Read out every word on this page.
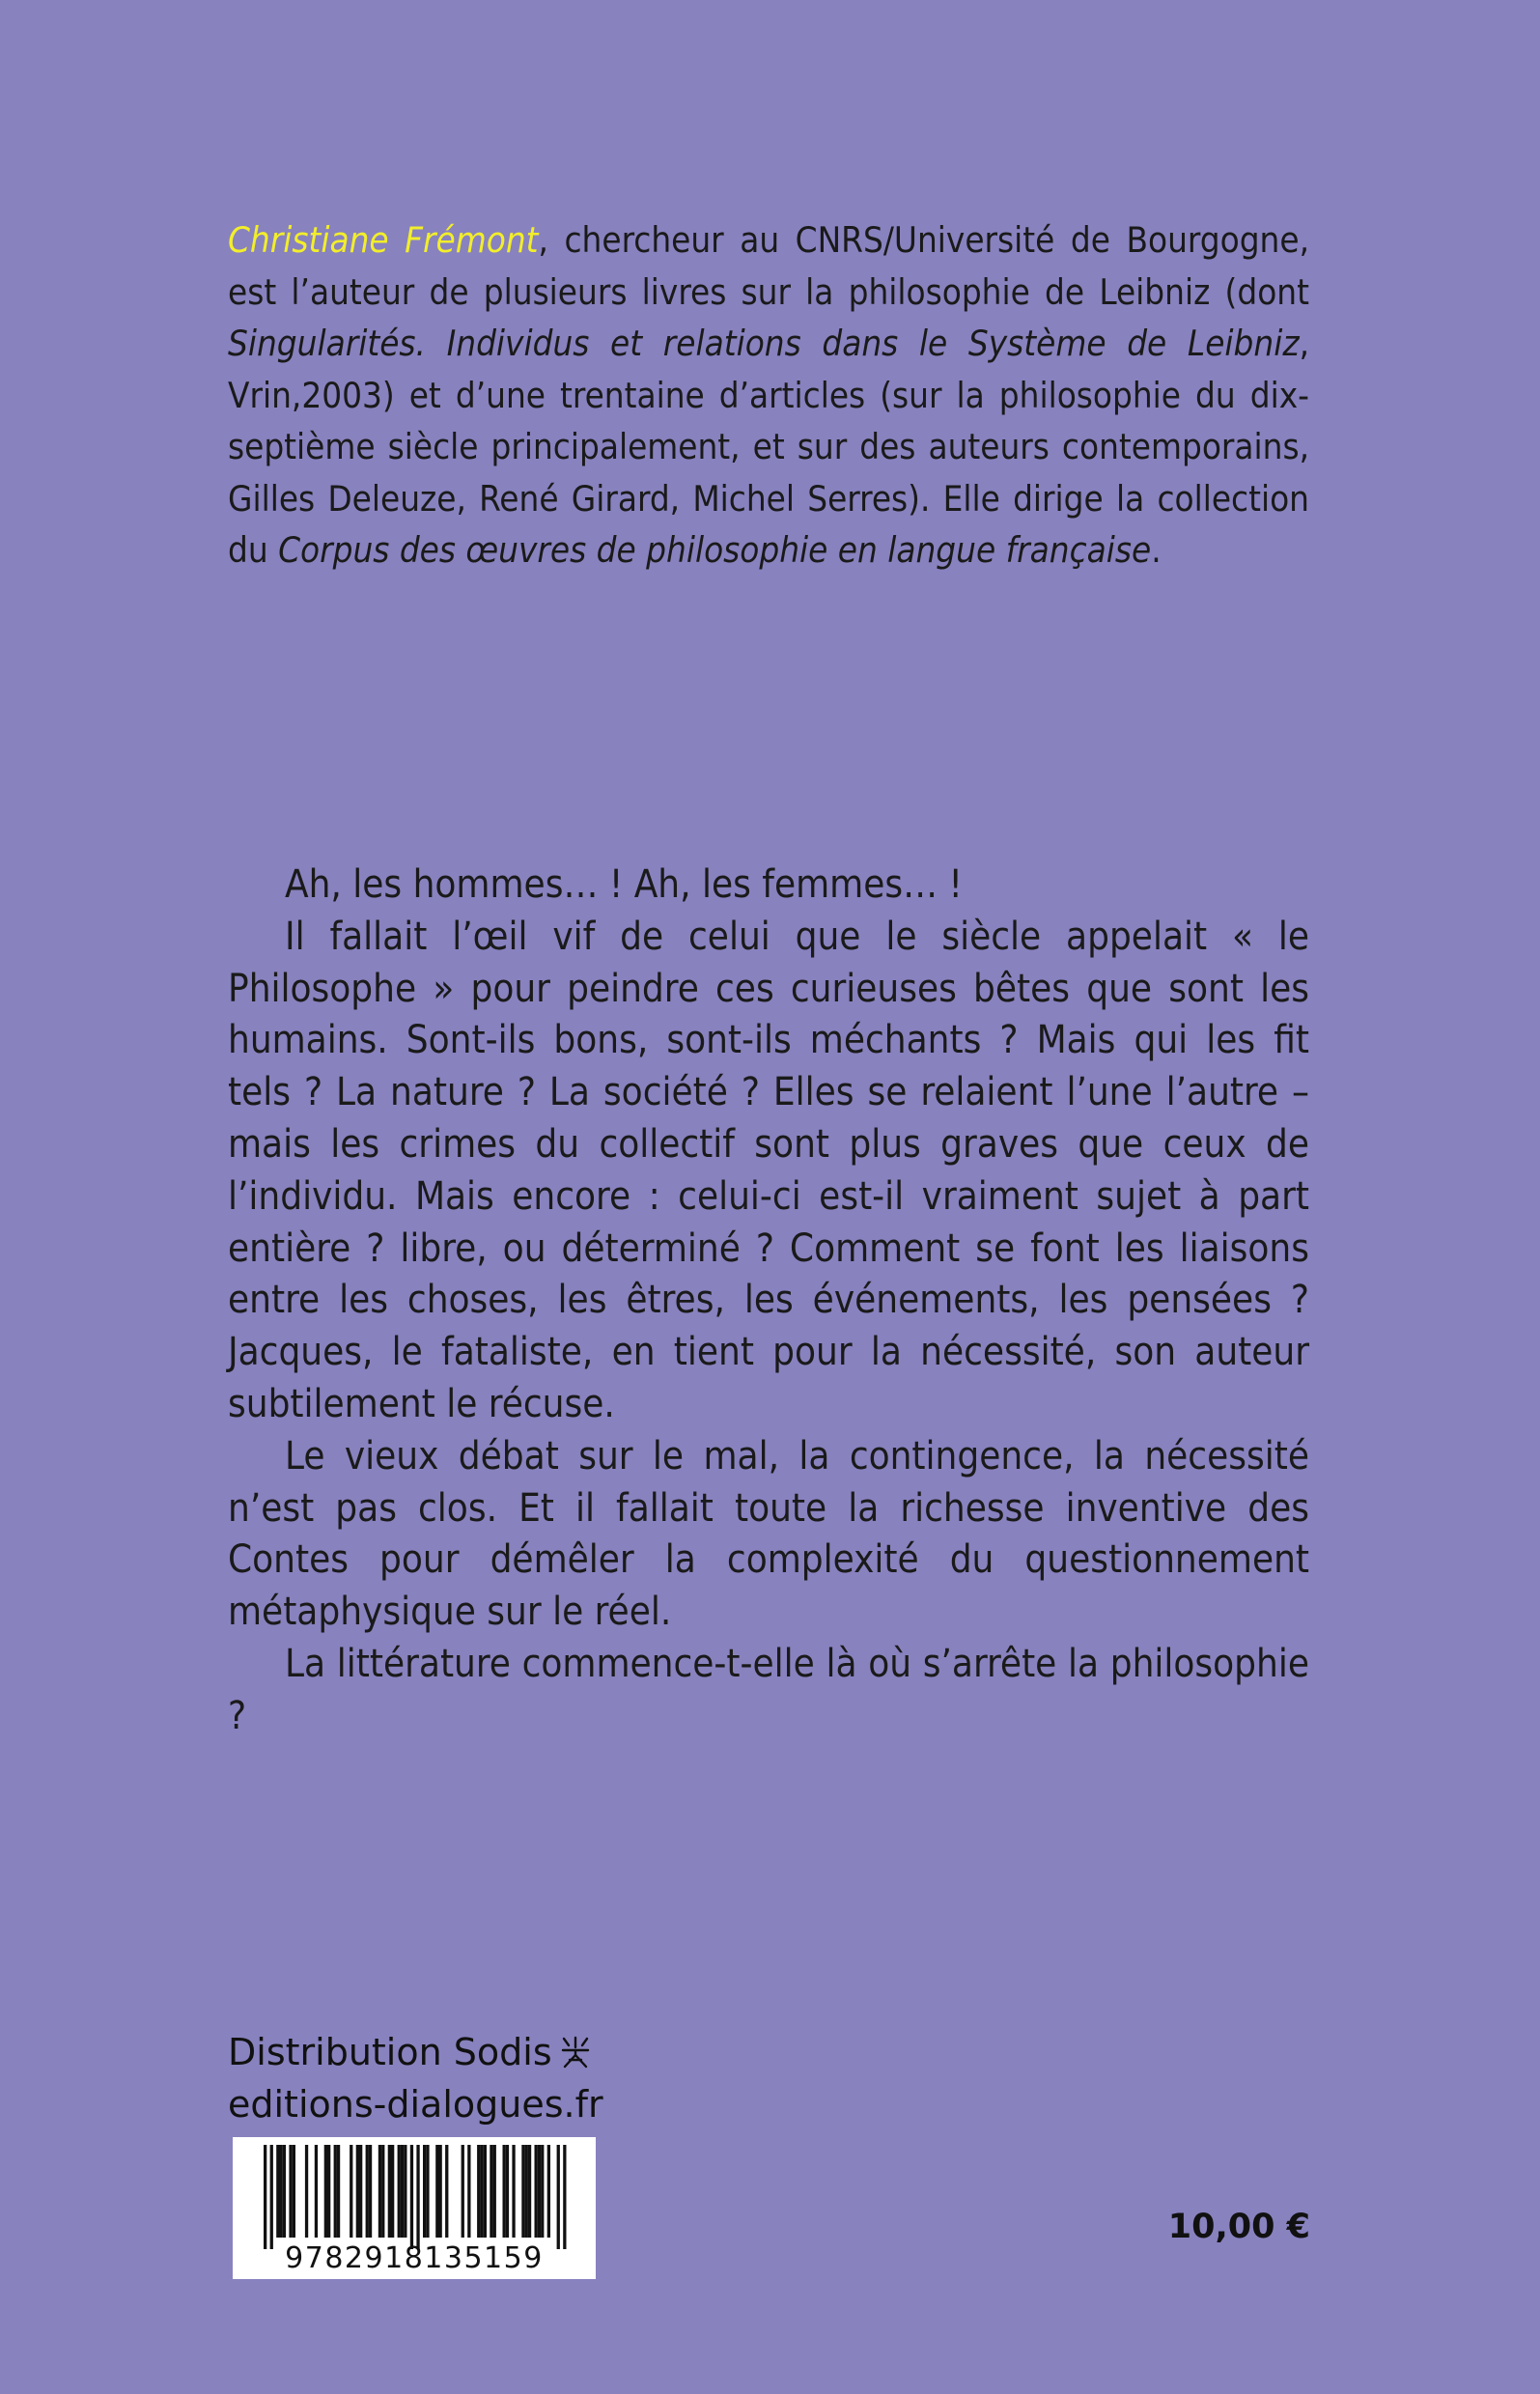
Christiane Frémont, chercheur au CNRS/Université de Bourgogne, est l’auteur de plusieurs livres sur la philosophie de Leibniz (dont Singularités. Individus et relations dans le Système de Leibniz, Vrin,2003) et d’une trentaine d’articles (sur la philosophie du dix-septième siècle principalement, et sur des auteurs contemporains, Gilles Deleuze, René Girard, Michel Serres). Elle dirige la collection du Corpus des œuvres de philosophie en langue française.

Ah, les hommes… ! Ah, les femmes… !

Il fallait l’œil vif de celui que le siècle appelait « le Philosophe » pour peindre ces curieuses bêtes que sont les humains. Sont-ils bons, sont-ils méchants ? Mais qui les fit tels ? La nature ? La société ? Elles se relaient l’une l’autre – mais les crimes du collectif sont plus graves que ceux de l’individu. Mais encore : celui-ci est-il vraiment sujet à part entière ? libre, ou déterminé ? Comment se font les liaisons entre les choses, les êtres, les événements, les pensées ? Jacques, le fataliste, en tient pour la nécessité, son auteur subtilement le récuse.

Le vieux débat sur le mal, la contingence, la nécessité n’est pas clos. Et il fallait toute la richesse inventive des Contes pour démêler la complexité du questionnement métaphysique sur le réel.

La littérature commence-t-elle là où s’arrête la philosophie ?

Distribution Sodis
editions-dialogues.fr
9782918135159
10,00 €
